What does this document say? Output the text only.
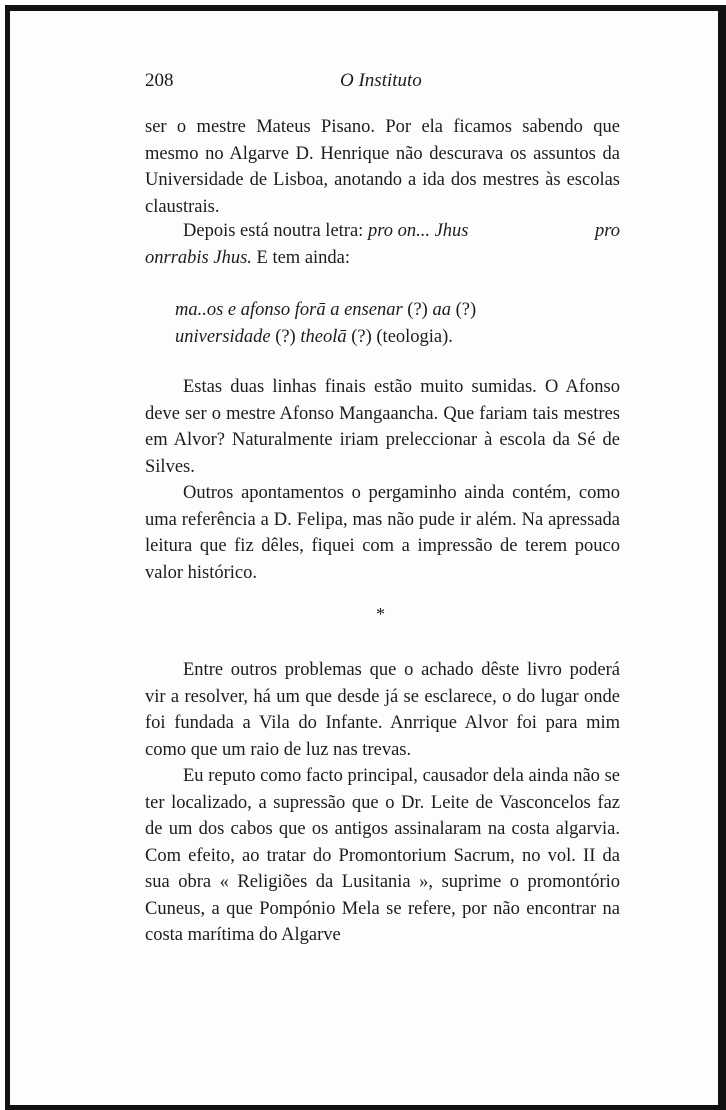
208	O Instituto

ser o mestre Mateus Pisano. Por ela ficamos sabendo que mesmo no Algarve D. Henrique não descurava os assuntos da Universidade de Lisboa, anotando a ida dos mestres às escolas claustrais.

Depois está noutra letra: pro on... Jhus	pro
onrrabis Jhus. E tem ainda:
ma..os e afonso forā a ensenar (?) aa (?)
universidade (?) theolā (?) (teologia).

Estas duas linhas finais estão muito sumidas. O Afonso deve ser o mestre Afonso Mangaancha. Que fariam tais mestres em Alvor? Naturalmente iriam preleccionar à escola da Sé de Silves.

Outros apontamentos o pergaminho ainda contém, como uma referência a D. Felipa, mas não pude ir além. Na apressada leitura que fiz dêles, fiquei com a impressão de terem pouco valor histórico.

*

Entre outros problemas que o achado dêste livro poderá vir a resolver, há um que desde já se esclarece, o do lugar onde foi fundada a Vila do Infante. Anrrique Alvor foi para mim como que um raio de luz nas trevas.

Eu reputo como facto principal, causador dela ainda não se ter localizado, a supressão que o Dr. Leite de Vasconcelos faz de um dos cabos que os antigos assinalaram na costa algarvia. Com efeito, ao tratar do Promontorium Sacrum, no vol. II da sua obra « Religiões da Lusitania », suprime o promontório Cuneus, a que Pompónio Mela se refere, por não encontrar na costa marítima do Algarve
